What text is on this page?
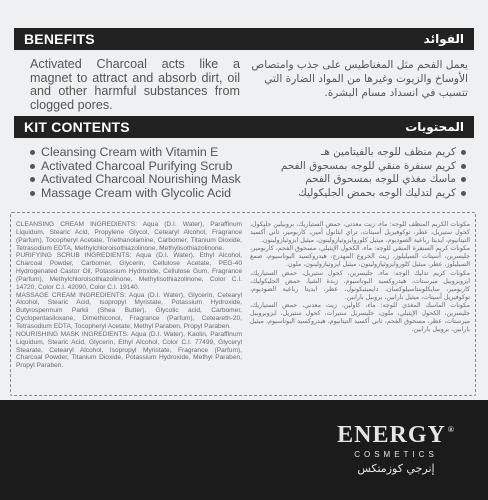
BENEFITS	الفوائد

Activated Charcoal acts like a magnet to attract and absorb dirt, oil and other harmful substances from clogged pores.

يعمل الفحم مثل المغناطيس على جذب وامتصاص الأوساخ والزيوت وغيرها من المواد الضارة التي تتسبب في انسداد مسام البشرة.

KIT CONTENTS	المحتويات
Cleansing Cream with Vitamin E
Activated Charcoal Purifying Scrub
Activated Charcoal Nourishing Mask
Massage Cream with Glycolic Acid
كريم منظف للوجه بالفيتامين هـ
كريم سنفرة منقي للوجه بمسحوق الفحم
ماسك مغذي للوجه بمسحوق الفحم
كريم لتدليك الوجه بحمض الجليكوليك

CLEANSING CREAM INGREDIENTS: Aqua (D.I. Water), Paraffinum Liquidum, Stearic Acid, Propylene Glycol, Cetearyl Alcohol, Fragrance (Parfum), Tocopheryl Acetate, Triethanolamine, Carbomer, Titanium Dioxide, Tetrasodium EDTA, Methylchloroisothiazolinone, Methylisothiazolinone.

PURIFYING SCRUB INGREDIENTS: Aqua (D.I. Water), Ethyl Alcohol, Charcoal Powder, Carbomer, Glycerin, Cellulose Acetate, PEG-40 Hydrogenated Castor Oil, Potassium Hydroxide, Cellulose Gum, Fragrance (Parfum), Methylchloroisothiazolinone, Methylisothiazolinone, Color C.I. 14720, Color C.I. 42090, Color C.I. 19140.

MASSAGE CREAM INGREDIENTS: Aqua (D.I. Water), Glycerin, Cetearyl Alcohol, Stearic Acid, Isopropyl Myristate, Potassium Hydroxide, Butyrospermum Parkii (Shea Butter), Glycolic acid, Carbomer, Cyclopentasiloxane, Dimethiconol, Fragrance (Parfum), Ceteareth-20, Tetrasodium EDTA, Tocopheryl Acetate, Methyl Paraben, Propyl Paraben.

NOURISHING MASK INGREDIENTS: Aqua (D.I. Water), Kaolin, Paraffinum Liquidum, Stearic Acid, Glycerin, Ethyl Alcohol, Color C.I. 77499, Glyceryl Stearate, Cetearyl Alcohol, Isopropyl Myristate, Fragrance (Parfum), Charcoal Powder, Titanium Dioxide, Potassium Hydroxide, Methyl Paraben, Propyl Paraben.

مكونات الكريم المنظف للوجه: ماء، زيت معدني، حمض الستياريك، بروبيلين جليكول، كحول ستيريل، عطر، توكوفيريل أسيتات، تراي ايثانول أمين، كاربومير، ثاني أكسيد التيتانيوم، ايديتا رباعية الصوديوم، ميثيل كلوروايزوثيازولينون، ميثيل ايزوثيازولينون.

مكونات كريم السنفرة المنقي للوجه: ماء، الكحول الإيثيلي، مسحوق الفحم، كاربومير، جليسرين، أسيتات السيليلوز، زيت الخروع المهدرج، هيدروكسيد البوتاسيوم، صمغ السيليلوز، عطر، ميثيل كلوروايزوثيازولينون، ميثيل ايزوثيازولينون، ملون.

مكونات كريم تدليك الوجه: ماء، جليسرين، كحول ستيريل، حمض الستياريك، ايزوبروبيل ميرستات، هيدروكسيد البوتاسيوم، زبدة الشيا، حمض الجليكوليك، كاربومير، سايكلوبنتاسيلوكسان، دايميثيكونول، عطر، ايديتا رباعية الصوديوم، توكوفيريل أسيتات، ميثيل بارابين، بروبيل بارابين.

مكونات الماسك المغذي للوجه: ماء، كاولين، زيت معدني، حمض الستياريك، جليسرين، الكحول الإيثيلي، ملون، جليسريل ستيرات، كحول ستيريل، ايزوبروبيل ميرستات، عطر، مسحوق الفحم، ثاني أكسيد التيتانيوم، هيدروكسيد البوتاسيوم، ميثيل بارابين، بروبيل بارابين.

ENERGY ®
COSMETICS
إنرجي كوزمتكس
